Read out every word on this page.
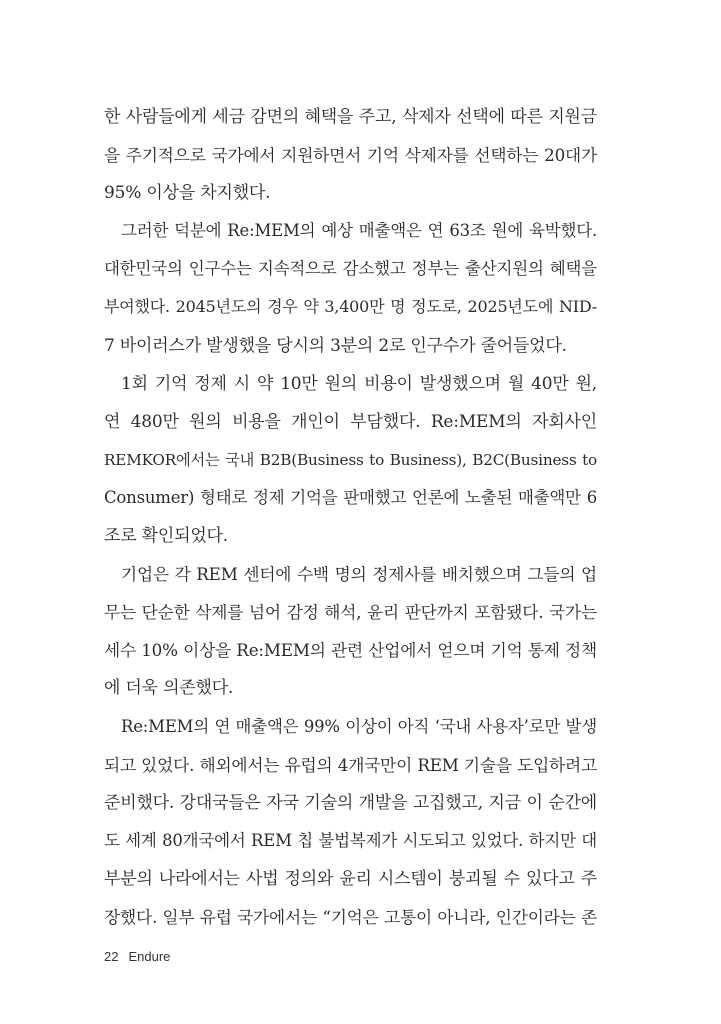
한 사람들에게 세금 감면의 혜택을 주고, 삭제자 선택에 따른 지원금
을 주기적으로 국가에서 지원하면서 기억 삭제자를 선택하는 20대가
95% 이상을 차지했다.
그러한 덕분에 Re:MEM의 예상 매출액은 연 63조 원에 육박했다.
대한민국의 인구수는 지속적으로 감소했고 정부는 출산지원의 혜택을
부여했다. 2045년도의 경우 약 3,400만 명 정도로, 2025년도에 NID-
7 바이러스가 발생했을 당시의 3분의 2로 인구수가 줄어들었다.
1회 기억 정제 시 약 10만 원의 비용이 발생했으며 월 40만 원,
연 480만 원의 비용을 개인이 부담했다. Re:MEM의 자회사인
REMKOR에서는 국내 B2B(Business to Business), B2C(Business to
Consumer) 형태로 정제 기억을 판매했고 언론에 노출된 매출액만 6
조로 확인되었다.
기업은 각 REM 센터에 수백 명의 정제사를 배치했으며 그들의 업
무는 단순한 삭제를 넘어 감정 해석, 윤리 판단까지 포함됐다. 국가는
세수 10% 이상을 Re:MEM의 관련 산업에서 얻으며 기억 통제 정책
에 더욱 의존했다.
Re:MEM의 연 매출액은 99% 이상이 아직 ‘국내 사용자’로만 발생
되고 있었다. 해외에서는 유럽의 4개국만이 REM 기술을 도입하려고
준비했다. 강대국들은 자국 기술의 개발을 고집했고, 지금 이 순간에
도 세계 80개국에서 REM 칩 불법복제가 시도되고 있었다. 하지만 대
부분의 나라에서는 사법 정의와 윤리 시스템이 붕괴될 수 있다고 주
장했다. 일부 유럽 국가에서는 “기억은 고통이 아니라, 인간이라는 존
22 Endure
